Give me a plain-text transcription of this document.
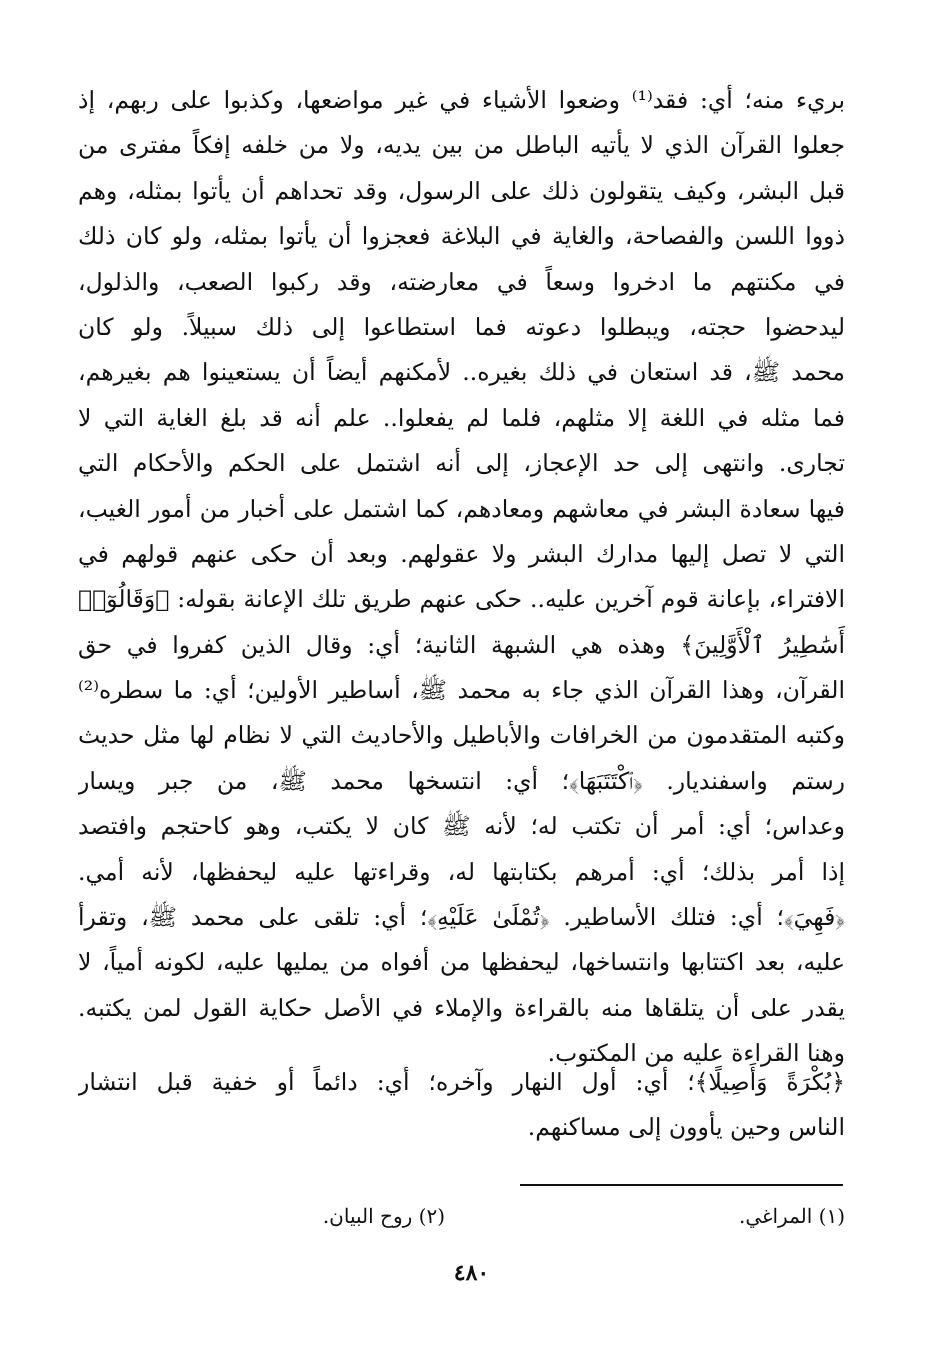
بريء منه؛ أي: فقد⁽¹⁾ وضعوا الأشياء في غير مواضعها، وكذبوا على ربهم، إذ
جعلوا القرآن الذي لا يأتيه الباطل من بين يديه، ولا من خلفه إفكاً مفترى من
قبل البشر، وكيف يتقولون ذلك على الرسول، وقد تحداهم أن يأتوا بمثله، وهم
ذووا اللسن والفصاحة، والغاية في البلاغة فعجزوا أن يأتوا بمثله، ولو كان ذلك
في مكنتهم ما ادخروا وسعاً في معارضته، وقد ركبوا الصعب، والذلول،
ليدحضوا حجته، ويبطلوا دعوته فما استطاعوا إلى ذلك سبيلاً. ولو كان
محمد ﷺ، قد استعان في ذلك بغيره.. لأمكنهم أيضاً أن يستعينوا هم بغيرهم،
فما مثله في اللغة إلا مثلهم، فلما لم يفعلوا.. علم أنه قد بلغ الغاية التي لا
تجارى. وانتهى إلى حد الإعجاز، إلى أنه اشتمل على الحكم والأحكام التي
فيها سعادة البشر في معاشهم ومعادهم، كما اشتمل على أخبار من أمور الغيب،
التي لا تصل إليها مدارك البشر ولا عقولهم. وبعد أن حكى عنهم قولهم في
الافتراء، بإعانة قوم آخرين عليه.. حكى عنهم طريق تلك الإعانة بقوله: ﴿وَقَالُوٓا۟
أَسَٰطِيرُ ٱلْأَوَّلِينَ﴾ وهذه هي الشبهة الثانية؛ أي: وقال الذين كفروا في حق
القرآن، وهذا القرآن الذي جاء به محمد ﷺ، أساطير الأولين؛ أي: ما سطره⁽²⁾
وكتبه المتقدمون من الخرافات والأباطيل والأحاديث التي لا نظام لها مثل حديث
رستم واسفنديار. ﴿ٱكْتَتَبَهَا﴾؛ أي: انتسخها محمد ﷺ، من جبر ويسار
وعداس؛ أي: أمر أن تكتب له؛ لأنه ﷺ كان لا يكتب، وهو كاحتجم وافتصد
إذا أمر بذلك؛ أي: أمرهم بكتابتها له، وقراءتها عليه ليحفظها، لأنه أمي.
﴿فَهِيَ﴾؛ أي: فتلك الأساطير. ﴿تُمْلَىٰ عَلَيْهِ﴾؛ أي: تلقى على محمد ﷺ، وتقرأ
عليه، بعد اكتتابها وانتساخها، ليحفظها من أفواه من يمليها عليه، لكونه أمياً، لا
يقدر على أن يتلقاها منه بالقراءة والإملاء في الأصل حكاية القول لمن يكتبه.
وهنا القراءة عليه من المكتوب.
﴿بُكْرَةً وَأَصِيلًا﴾؛ أي: أول النهار وآخره؛ أي: دائماً أو خفية قبل انتشار
الناس وحين يأوون إلى مساكنهم.
(١) المراغي.
(٢) روح البيان.
٤٨٠
